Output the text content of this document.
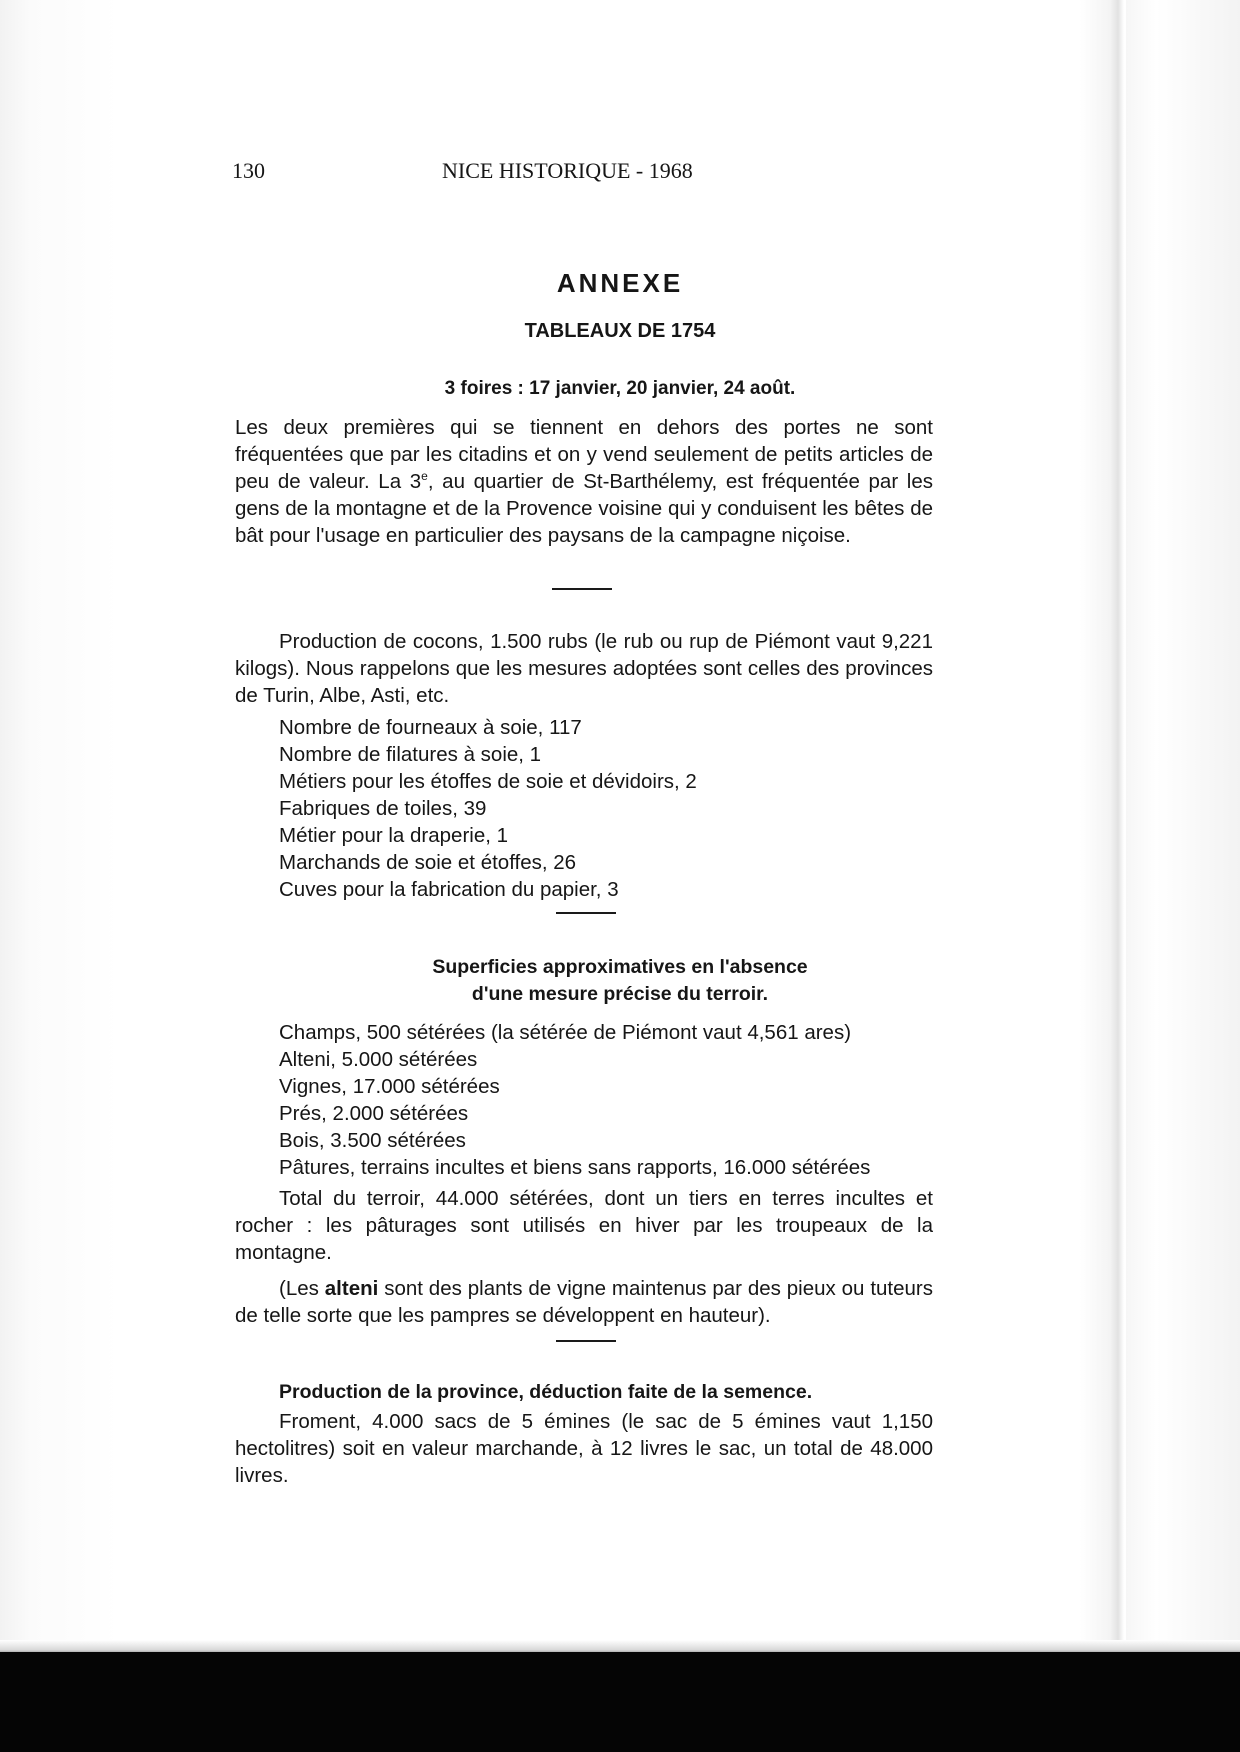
130	NICE HISTORIQUE - 1968
ANNEXE
TABLEAUX DE 1754
3 foires : 17 janvier, 20 janvier, 24 août.
Les deux premières qui se tiennent en dehors des portes ne sont fréquentées que par les citadins et on y vend seulement de petits articles de peu de valeur. La 3e, au quartier de St-Barthélemy, est fréquentée par les gens de la montagne et de la Provence voisine qui y conduisent les bêtes de bât pour l'usage en particulier des paysans de la campagne niçoise.
Production de cocons, 1.500 rubs (le rub ou rup de Piémont vaut 9,221 kilogs). Nous rappelons que les mesures adoptées sont celles des provinces de Turin, Albe, Asti, etc.
Nombre de fourneaux à soie, 117
Nombre de filatures à soie, 1
Métiers pour les étoffes de soie et dévidoirs, 2
Fabriques de toiles, 39
Métier pour la draperie, 1
Marchands de soie et étoffes, 26
Cuves pour la fabrication du papier, 3
Superficies approximatives en l'absence
d'une mesure précise du terroir.
Champs, 500 sétérées (la sétérée de Piémont vaut 4,561 ares)
Alteni, 5.000 sétérées
Vignes, 17.000 sétérées
Prés, 2.000 sétérées
Bois, 3.500 sétérées
Pâtures, terrains incultes et biens sans rapports, 16.000 sétérées
Total du terroir, 44.000 sétérées, dont un tiers en terres incultes et rocher : les pâturages sont utilisés en hiver par les troupeaux de la montagne.
(Les alteni sont des plants de vigne maintenus par des pieux ou tuteurs de telle sorte que les pampres se développent en hauteur).
Production de la province, déduction faite de la semence.
Froment, 4.000 sacs de 5 émines (le sac de 5 émines vaut 1,150 hectolitres) soit en valeur marchande, à 12 livres le sac, un total de 48.000 livres.
